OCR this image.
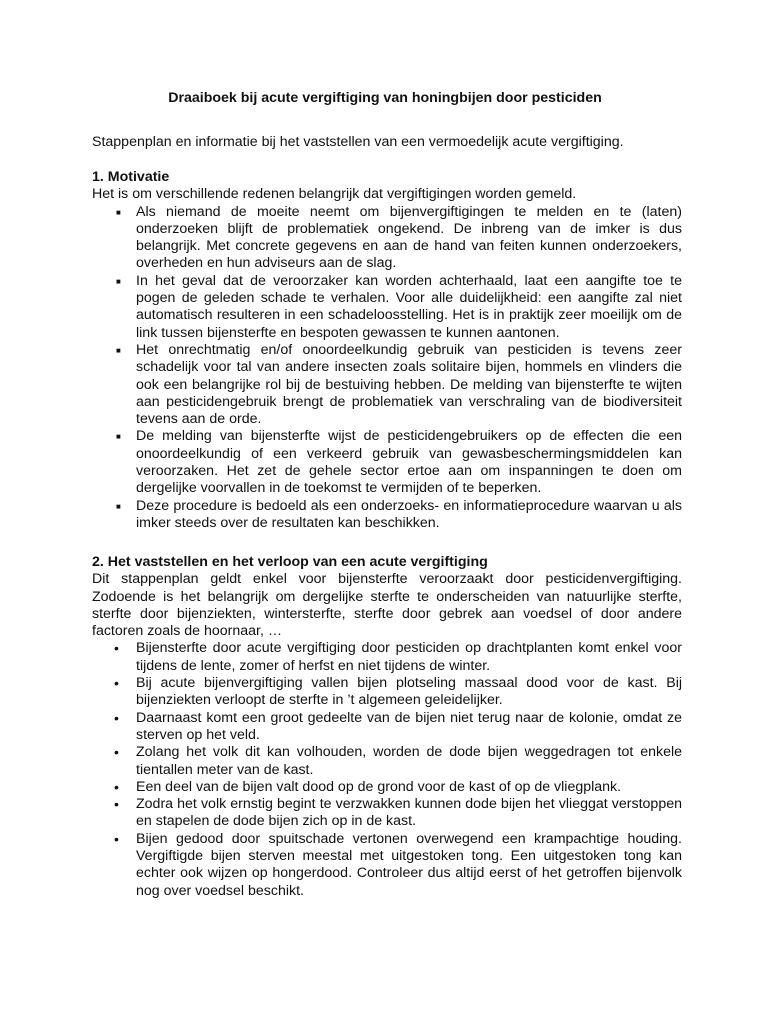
Draaiboek bij acute vergiftiging van honingbijen door pesticiden

Stappenplan en informatie bij het vaststellen van een vermoedelijk acute vergiftiging.

1. Motivatie

Het is om verschillende redenen belangrijk dat vergiftigingen worden gemeld.

■ Als niemand de moeite neemt om bijenvergiftigingen te melden en te (laten) onderzoeken blijft de problematiek ongekend. De inbreng van de imker is dus belangrijk. Met concrete gegevens en aan de hand van feiten kunnen onderzoekers, overheden en hun adviseurs aan de slag.
■ In het geval dat de veroorzaker kan worden achterhaald, laat een aangifte toe te pogen de geleden schade te verhalen. Voor alle duidelijkheid: een aangifte zal niet automatisch resulteren in een schadeloosstelling. Het is in praktijk zeer moeilijk om de link tussen bijensterfte en bespoten gewassen te kunnen aantonen.
■ Het onrechtmatig en/of onoordeelkundig gebruik van pesticiden is tevens zeer schadelijk voor tal van andere insecten zoals solitaire bijen, hommels en vlinders die ook een belangrijke rol bij de bestuiving hebben. De melding van bijensterfte te wijten aan pesticidengebruik brengt de problematiek van verschraling van de biodiversiteit tevens aan de orde.
■ De melding van bijensterfte wijst de pesticidengebruikers op de effecten die een onoordeelkundig of een verkeerd gebruik van gewasbeschermingsmiddelen kan veroorzaken. Het zet de gehele sector ertoe aan om inspanningen te doen om dergelijke voorvallen in de toekomst te vermijden of te beperken.
■ Deze procedure is bedoeld als een onderzoeks- en informatieprocedure waarvan u als imker steeds over de resultaten kan beschikken.
2. Het vaststellen en het verloop van een acute vergiftiging

Dit stappenplan geldt enkel voor bijensterfte veroorzaakt door pesticidenvergiftiging. Zodoende is het belangrijk om dergelijke sterfte te onderscheiden van natuurlijke sterfte, sterfte door bijenziekten, wintersterfte, sterfte door gebrek aan voedsel of door andere factoren zoals de hoornaar, …

• Bijensterfte door acute vergiftiging door pesticiden op drachtplanten komt enkel voor tijdens de lente, zomer of herfst en niet tijdens de winter.
• Bij acute bijenvergiftiging vallen bijen plotseling massaal dood voor de kast. Bij bijenziekten verloopt de sterfte in ’t algemeen geleidelijker.
• Daarnaast komt een groot gedeelte van de bijen niet terug naar de kolonie, omdat ze sterven op het veld.
• Zolang het volk dit kan volhouden, worden de dode bijen weggedragen tot enkele tientallen meter van de kast.
• Een deel van de bijen valt dood op de grond voor de kast of op de vliegplank.
• Zodra het volk ernstig begint te verzwakken kunnen dode bijen het vlieggat verstoppen en stapelen de dode bijen zich op in de kast.
• Bijen gedood door spuitschade vertonen overwegend een krampachtige houding. Vergiftigde bijen sterven meestal met uitgestoken tong. Een uitgestoken tong kan echter ook wijzen op hongerdood. Controleer dus altijd eerst of het getroffen bijenvolk nog over voedsel beschikt.
